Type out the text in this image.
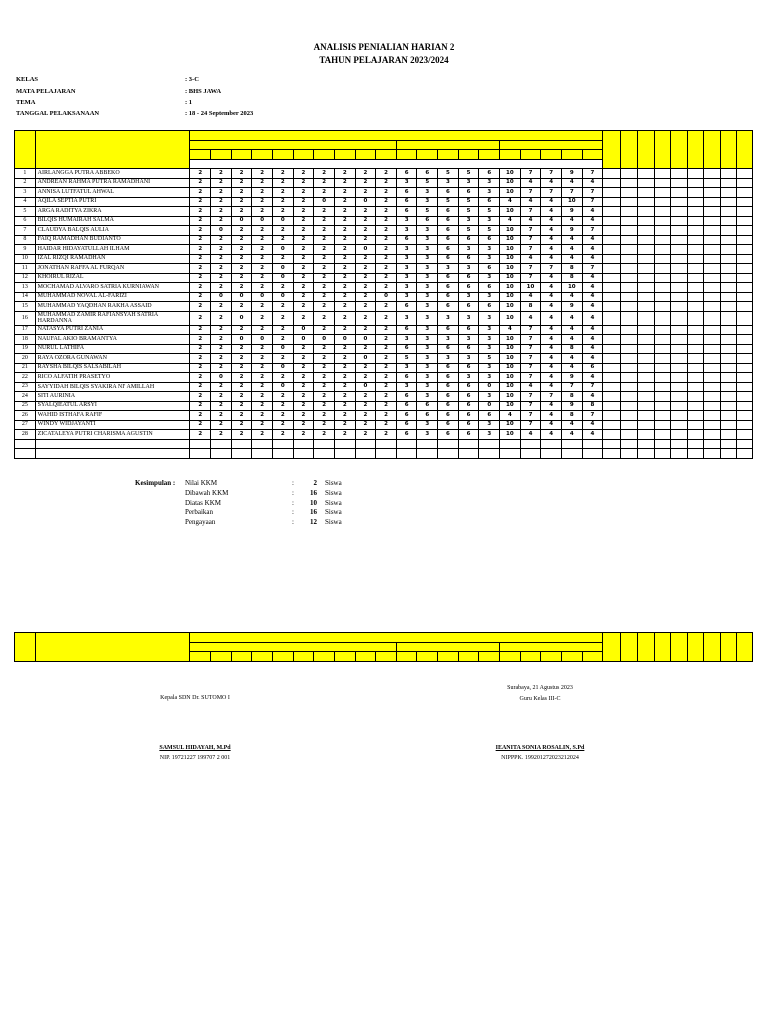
ANALISIS PENIALIAN HARIAN 2
TAHUN PELAJARAN 2023/2024
KELAS	: 3-C
MATA PELAJARAN	: BHS JAWA
TEMA	: 1
TANGGAL PELAKSANAAN	: 18 - 24 September 2023

1	AIRLANGGA PUTRA ABBEKO	2	2	2	2	2	2	2	2	2	2	6	6	5	5	6	10	7	7	9	7									
2	ANDREAN RAHMA PUTRA RAMADHANI	2	2	2	2	2	2	2	2	2	2	3	5	3	3	3	10	4	4	4	4									
3	ANNISA LUTFATUL AHWAL	2	2	2	2	2	2	2	2	2	2	6	3	6	6	3	10	7	7	7	7									
4	AQILA SEPTIA PUTRI	2	2	2	2	2	2	0	2	0	2	6	3	5	5	6	4	4	4	10	7									
5	ARGA RADITYA ZIKRA	2	2	2	2	2	2	2	2	2	2	6	5	6	5	5	10	7	4	9	4									
6	BILQIS HUMAIRAH SALMA	2	2	0	0	0	2	2	2	2	2	3	6	6	3	3	4	4	4	4	4									
7	CLAUDYA BALQIS AULIA	2	0	2	2	2	2	2	2	2	2	3	3	6	5	5	10	7	4	9	7									
8	FAIQ RAMADHAN BUDIANTO	2	2	2	2	2	2	2	2	2	2	6	3	6	6	6	10	7	4	4	4									
9	HAIDAR HIDAYATULLAH ILHAM	2	2	2	2	0	2	2	2	0	2	3	3	6	3	3	10	7	4	4	4									
10	IZAL RIZQI RAMADHAN	2	2	2	2	2	2	2	2	2	2	3	3	6	6	3	10	4	4	4	4									
11	JONATHAN RAFFA AL FURQAN	2	2	2	2	0	2	2	2	2	2	3	3	3	3	6	10	7	7	8	7									
12	KHOIRUL RIZAL	2	2	2	2	0	2	2	2	2	2	3	3	6	6	3	10	7	4	8	4									
13	MOCHAMAD ALVARO SATRIA KURNIAWAN	2	2	2	2	2	2	2	2	2	2	3	3	6	6	6	10	10	4	10	4									
14	MUHAMMAD NOVAL AL-FARIZI	2	0	0	0	0	2	2	2	2	0	3	3	6	3	3	10	4	4	4	4									
15	MUHAMMAD YAQDHAN RAKHA ASSAID	2	2	2	2	2	2	2	2	2	2	6	3	6	6	6	10	8	4	9	4									
16	MUHAMMAD ZAMIR RAFIANSYAH SATRIA HARDANNA	2	2	0	2	2	2	2	2	2	2	3	3	3	3	3	10	4	4	4	4									
17	NATASYA PUTRI ZANIA	2	2	2	2	2	0	2	2	2	2	6	3	6	6	3	4	7	4	4	4									
18	NAUFAL AKIO BRAMANTYA	2	2	0	0	2	0	0	0	0	2	3	3	3	3	3	10	7	4	4	4									
19	NURUL LATHIFA	2	2	2	2	0	2	2	2	2	2	6	3	6	6	3	10	7	4	8	4									
20	RAYA OZORA GUNAWAN	2	2	2	2	2	2	2	2	0	2	5	3	3	3	5	10	7	4	4	4									
21	RAYSHA BILQIS SALSABILAH	2	2	2	2	0	2	2	2	2	2	3	3	6	6	3	10	7	4	4	6									
22	RICO ALFATIH PRASETYO	2	0	2	2	2	2	2	2	2	2	6	3	6	3	3	10	7	4	9	4									
23	SAYYIDAH BILQIS SYAKIRA NI' AMILLAH	2	2	2	2	0	2	2	2	0	2	3	3	6	6	0	10	4	4	7	7									
24	SITI AURINIA	2	2	2	2	2	2	2	2	2	2	6	3	6	6	3	10	7	7	8	4									
25	SYALQIEATUL ARSYI	2	2	2	2	2	2	2	2	2	2	6	6	6	6	0	10	7	4	9	8									
26	WAHID ISTHAFA RAFIF	2	2	2	2	2	2	2	2	2	2	6	6	6	6	6	4	7	4	8	7									
27	WINDY WIDJAYANTI	2	2	2	2	2	2	2	2	2	2	6	3	6	6	3	10	7	4	4	4									
28	ZICATALEYA PUTRI CHARISMA AGUSTIN	2	2	2	2	2	2	2	2	2	2	6	3	6	6	3	10	4	4	4	4									

Kesimpulan : Nilai KKM	:	2 Siswa
Dibawah KKM	:	16 Siswa
Diatas KKM	:	10 Siswa
Perbaikan	:	16 Siswa
Pengayaan	:	12 Siswa

Surabaya, 21 Agustus 2023
Guru Kelas III-C
Kepala SDN Dr. SUTOMO I
SAMSUL HIDAYAH, M.Pd
NIP. 19721227 199707 2 001
IEANITA SONIA ROSALIN, S.Pd
NIPPPK. 199201272023212024
